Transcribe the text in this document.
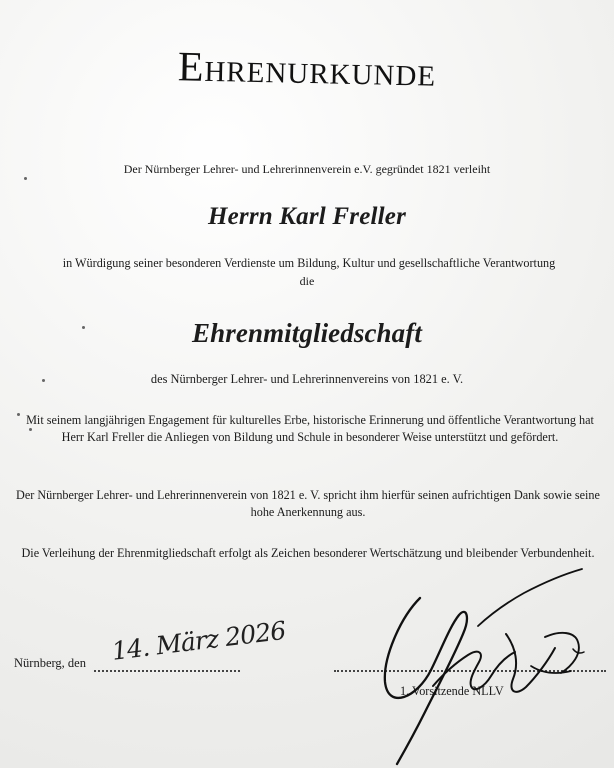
Ehrenurkunde
Der Nürnberger Lehrer- und Lehrerinnenverein e.V. gegründet 1821 verleiht
Herrn Karl Freller
in Würdigung seiner besonderen Verdienste um Bildung, Kultur und gesellschaftliche Verantwortung
die
Ehrenmitgliedschaft
des Nürnberger Lehrer- und Lehrerinnenvereins von 1821 e. V.
Mit seinem langjährigen Engagement für kulturelles Erbe, historische Erinnerung und öffentliche Verantwortung hat Herr Karl Freller die Anliegen von Bildung und Schule in besonderer Weise unterstützt und gefördert.
Der Nürnberger Lehrer- und Lehrerinnenverein von 1821 e. V. spricht ihm hierfür seinen aufrichtigen Dank sowie seine hohe Anerkennung aus.
Die Verleihung der Ehrenmitgliedschaft erfolgt als Zeichen besonderer Wertschätzung und bleibender Verbundenheit.
Nürnberg, den 14. März 2026
1. Vorsitzende NLLV
